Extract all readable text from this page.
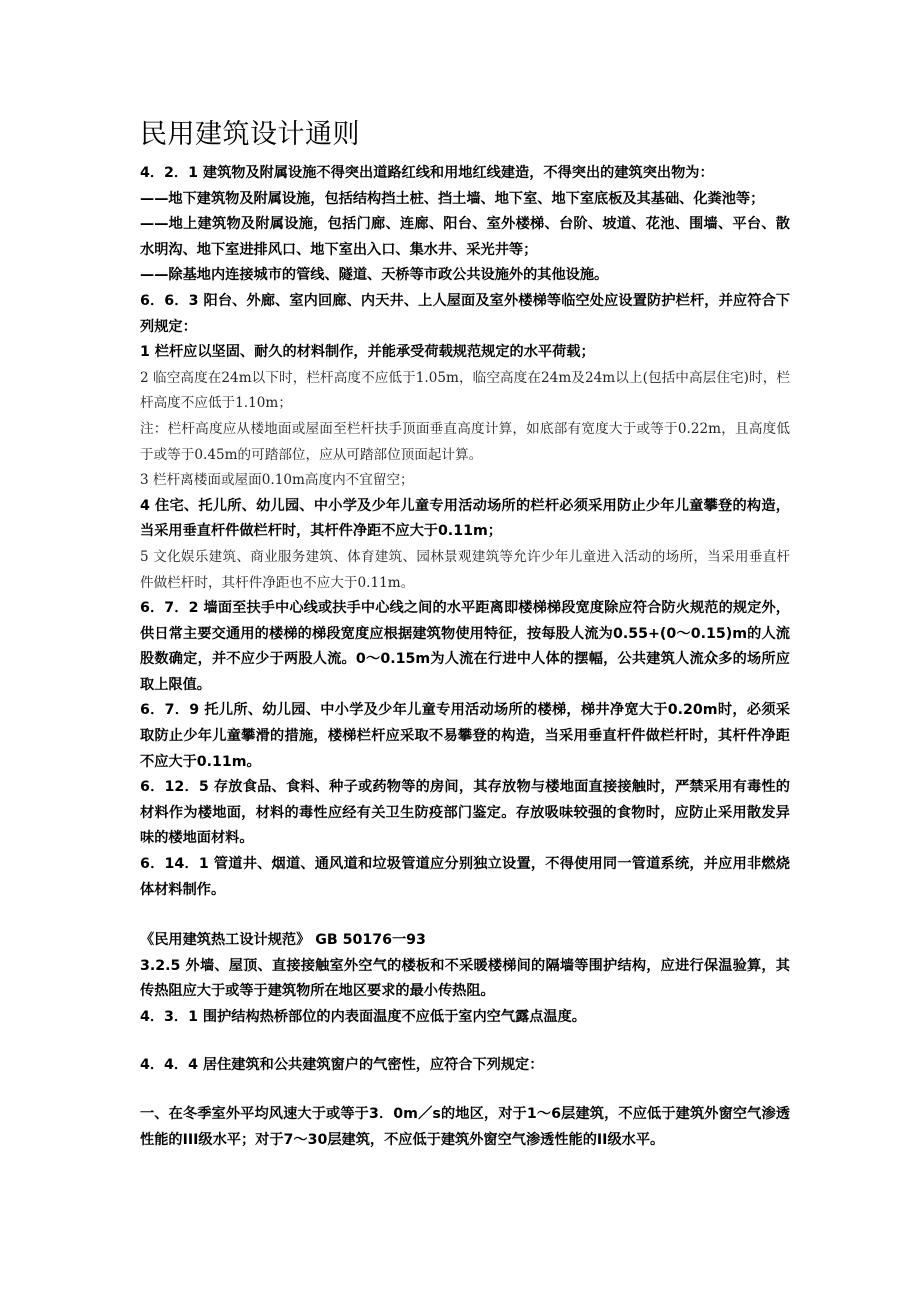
民用建筑设计通则

4．2．1 建筑物及附属设施不得突出道路红线和用地红线建造，不得突出的建筑突出物为：

——地下建筑物及附属设施，包括结构挡土桩、挡土墙、地下室、地下室底板及其基础、化粪池等；

——地上建筑物及附属设施，包括门廊、连廊、阳台、室外楼梯、台阶、坡道、花池、围墙、平台、散水明沟、地下室进排风口、地下室出入口、集水井、采光井等；

——除基地内连接城市的管线、隧道、天桥等市政公共设施外的其他设施。

6．6．3 阳台、外廊、室内回廊、内天井、上人屋面及室外楼梯等临空处应设置防护栏杆，并应符合下列规定：

1 栏杆应以坚固、耐久的材料制作，并能承受荷载规范规定的水平荷载；

2 临空高度在24m以下时，栏杆高度不应低于1.05m，临空高度在24m及24m以上(包括中高层住宅)时，栏杆高度不应低于1.10m；

注：栏杆高度应从楼地面或屋面至栏杆扶手顶面垂直高度计算，如底部有宽度大于或等于0.22m，且高度低于或等于0.45m的可踏部位，应从可踏部位顶面起计算。

3 栏杆离楼面或屋面0.10m高度内不宜留空；

4 住宅、托儿所、幼儿园、中小学及少年儿童专用活动场所的栏杆必须采用防止少年儿童攀登的构造，当采用垂直杆件做栏杆时，其杆件净距不应大于0.11m；

5 文化娱乐建筑、商业服务建筑、体育建筑、园林景观建筑等允许少年儿童进入活动的场所，当采用垂直杆件做栏杆时，其杆件净距也不应大于0.11m。

6．7．2 墙面至扶手中心线或扶手中心线之间的水平距离即楼梯梯段宽度除应符合防火规范的规定外，供日常主要交通用的楼梯的梯段宽度应根据建筑物使用特征，按每股人流为0.55+(0～0.15)m的人流股数确定，并不应少于两股人流。0～0.15m为人流在行进中人体的摆幅，公共建筑人流众多的场所应取上限值。

6．7．9 托儿所、幼儿园、中小学及少年儿童专用活动场所的楼梯，梯井净宽大于0.20m时，必须采取防止少年儿童攀滑的措施，楼梯栏杆应采取不易攀登的构造，当采用垂直杆件做栏杆时，其杆件净距不应大于0.11m。

6．12．5 存放食品、食料、种子或药物等的房间，其存放物与楼地面直接接触时，严禁采用有毒性的材料作为楼地面，材料的毒性应经有关卫生防疫部门鉴定。存放吸味较强的食物时，应防止采用散发异味的楼地面材料。

6．14．1 管道井、烟道、通风道和垃圾管道应分别独立设置，不得使用同一管道系统，并应用非燃烧体材料制作。

《民用建筑热工设计规范》 GB 50176一93

3.2.5 外墙、屋顶、直接接触室外空气的楼板和不采暖楼梯间的隔墙等围护结构，应进行保温验算，其传热阻应大于或等于建筑物所在地区要求的最小传热阻。

4．3．1 围护结构热桥部位的内表面温度不应低于室内空气露点温度。

4．4．4 居住建筑和公共建筑窗户的气密性，应符合下列规定：

一、在冬季室外平均风速大于或等于3．0m／s的地区，对于1～6层建筑，不应低于建筑外窗空气渗透性能的III级水平；对于7～30层建筑，不应低于建筑外窗空气渗透性能的II级水平。
